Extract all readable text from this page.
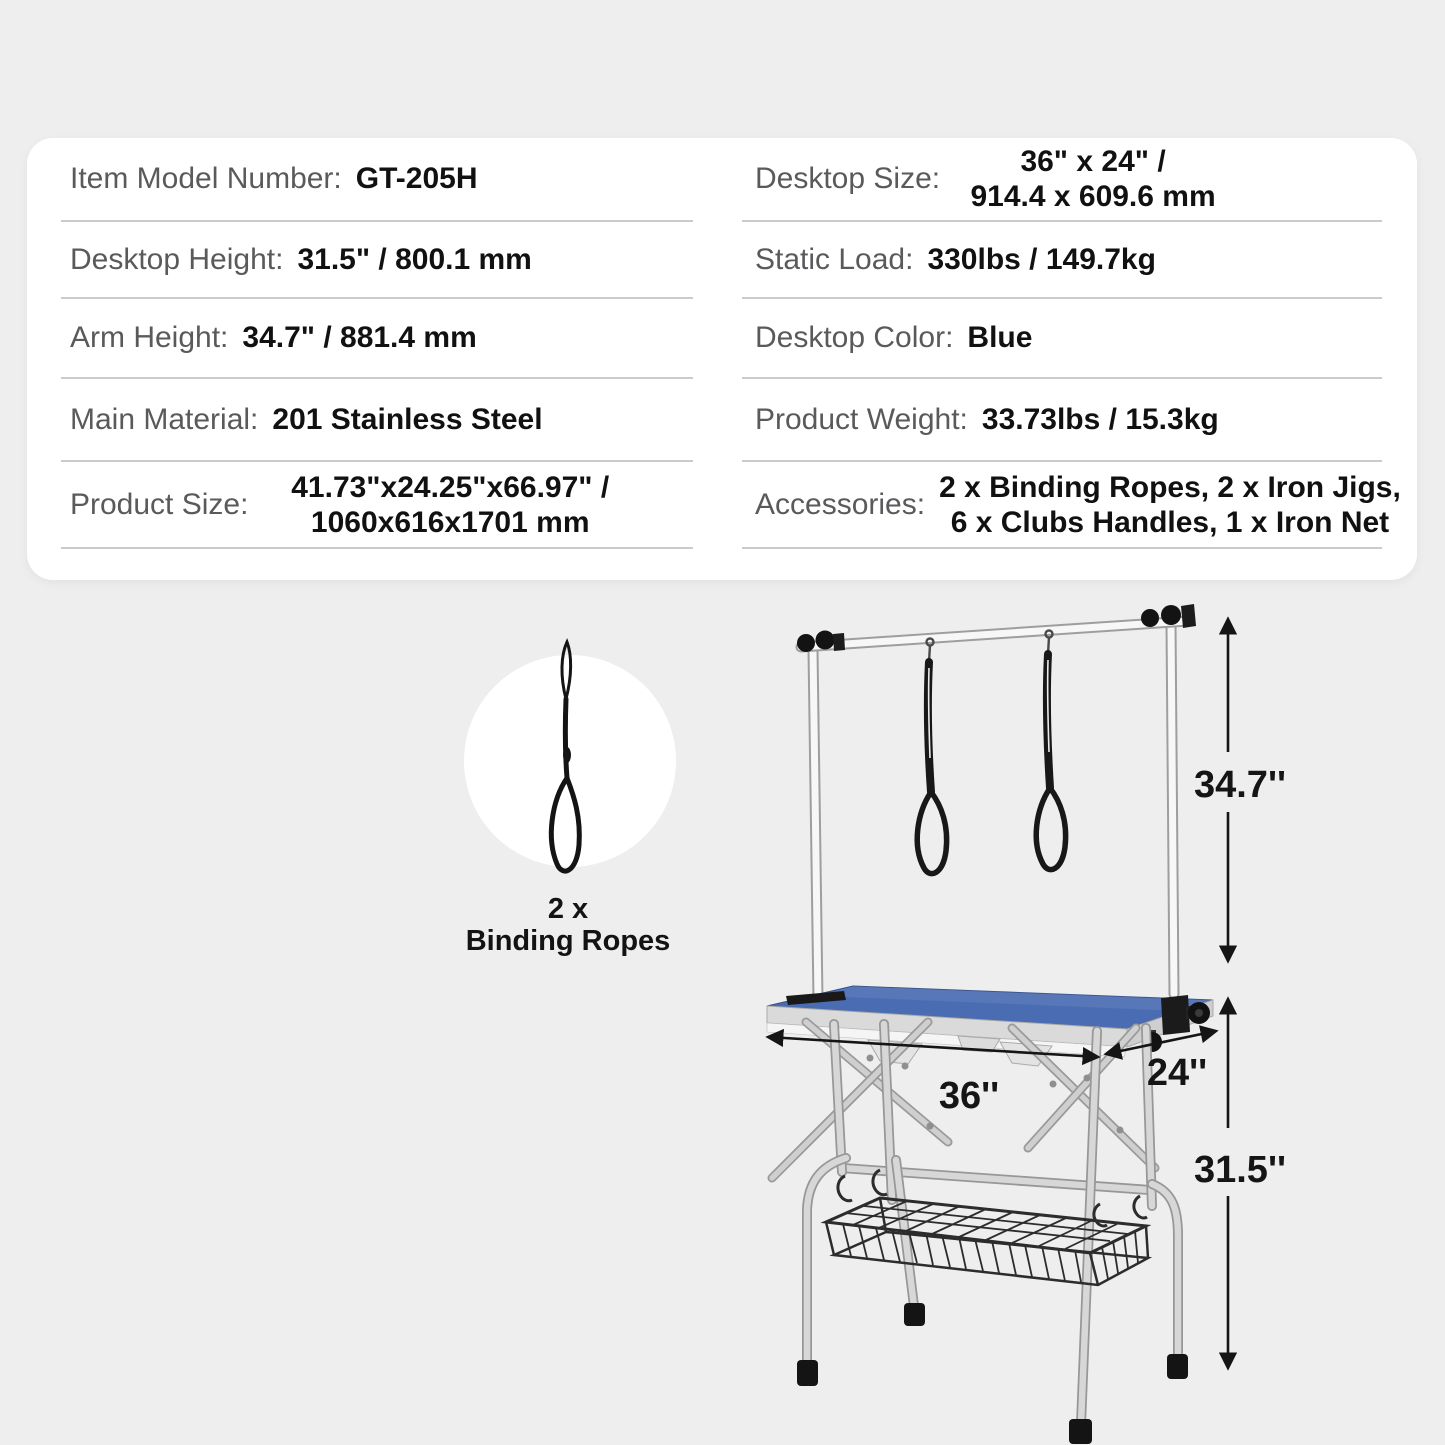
Item Model Number: GT-205H
Desktop Height: 31.5" / 800.1 mm
Arm Height: 34.7" / 881.4 mm
Main Material: 201 Stainless Steel
Product Size:
41.73"x24.25"x66.97" /
1060x616x1701 mm
Desktop Size:
36" x 24" /
914.4 x 609.6 mm
Static Load: 330lbs / 149.7kg
Desktop Color: Blue
Product Weight: 33.73lbs / 15.3kg
Accessories:
2 x Binding Ropes, 2 x Iron Jigs,
6 x Clubs Handles, 1 x Iron Net
2 x
Binding Ropes
34.7''
31.5''
36''
24''
